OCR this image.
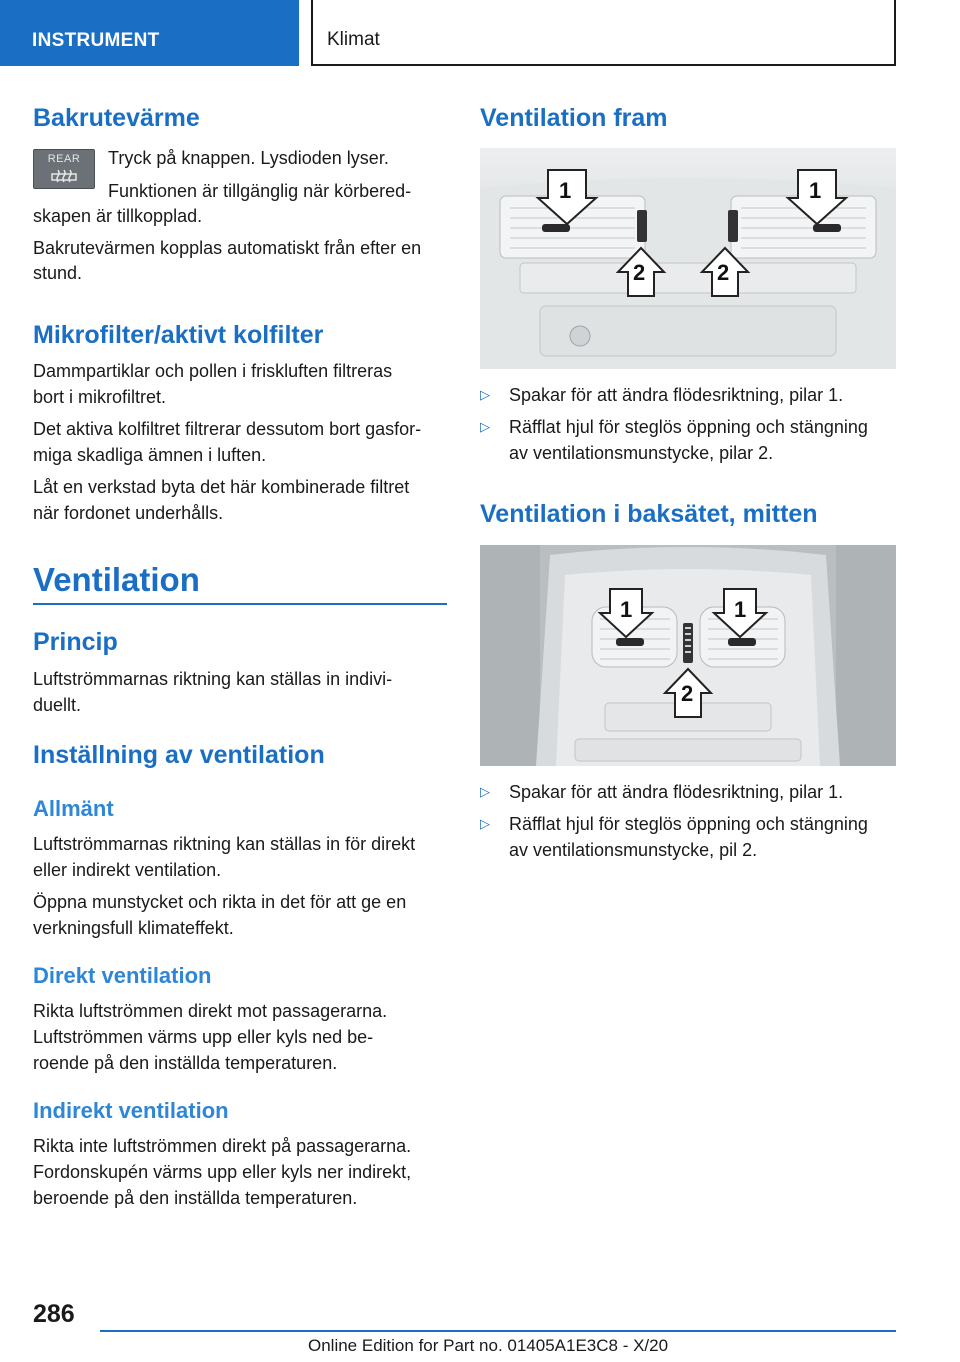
INSTRUMENT	Klimat
Bakrutevärme
REAR	Tryck på knappen. Lysdioden lyser.
Funktionen är tillgänglig när körbered-
skapen är tillkopplad.
Bakrutevärmen kopplas automatiskt från efter en
stund.
Mikrofilter/aktivt kolfilter
Dammpartiklar och pollen i friskluften filtreras
bort i mikrofiltret.
Det aktiva kolfiltret filtrerar dessutom bort gasfor-
miga skadliga ämnen i luften.
Låt en verkstad byta det här kombinerade filtret
när fordonet underhålls.
Ventilation
Princip
Luftströmmarnas riktning kan ställas in indivi-
duellt.
Inställning av ventilation
Allmänt
Luftströmmarnas riktning kan ställas in för direkt
eller indirekt ventilation.
Öppna munstycket och rikta in det för att ge en
verkningsfull klimateffekt.
Direkt ventilation
Rikta luftströmmen direkt mot passagerarna.
Luftströmmen värms upp eller kyls ned be-
roende på den inställda temperaturen.
Indirekt ventilation
Rikta inte luftströmmen direkt på passagerarna.
Fordonskupén värms upp eller kyls ner indirekt,
beroende på den inställda temperaturen.
Ventilation fram
1	1
2	2
▷ Spakar för att ändra flödesriktning, pilar 1.
▷ Räfflat hjul för steglös öppning och stängning
av ventilationsmunstycke, pilar 2.
Ventilation i baksätet, mitten
1	1
2
▷ Spakar för att ändra flödesriktning, pilar 1.
▷ Räfflat hjul för steglös öppning och stängning
av ventilationsmunstycke, pil 2.
286
Online Edition for Part no. 01405A1E3C8 - X/20
